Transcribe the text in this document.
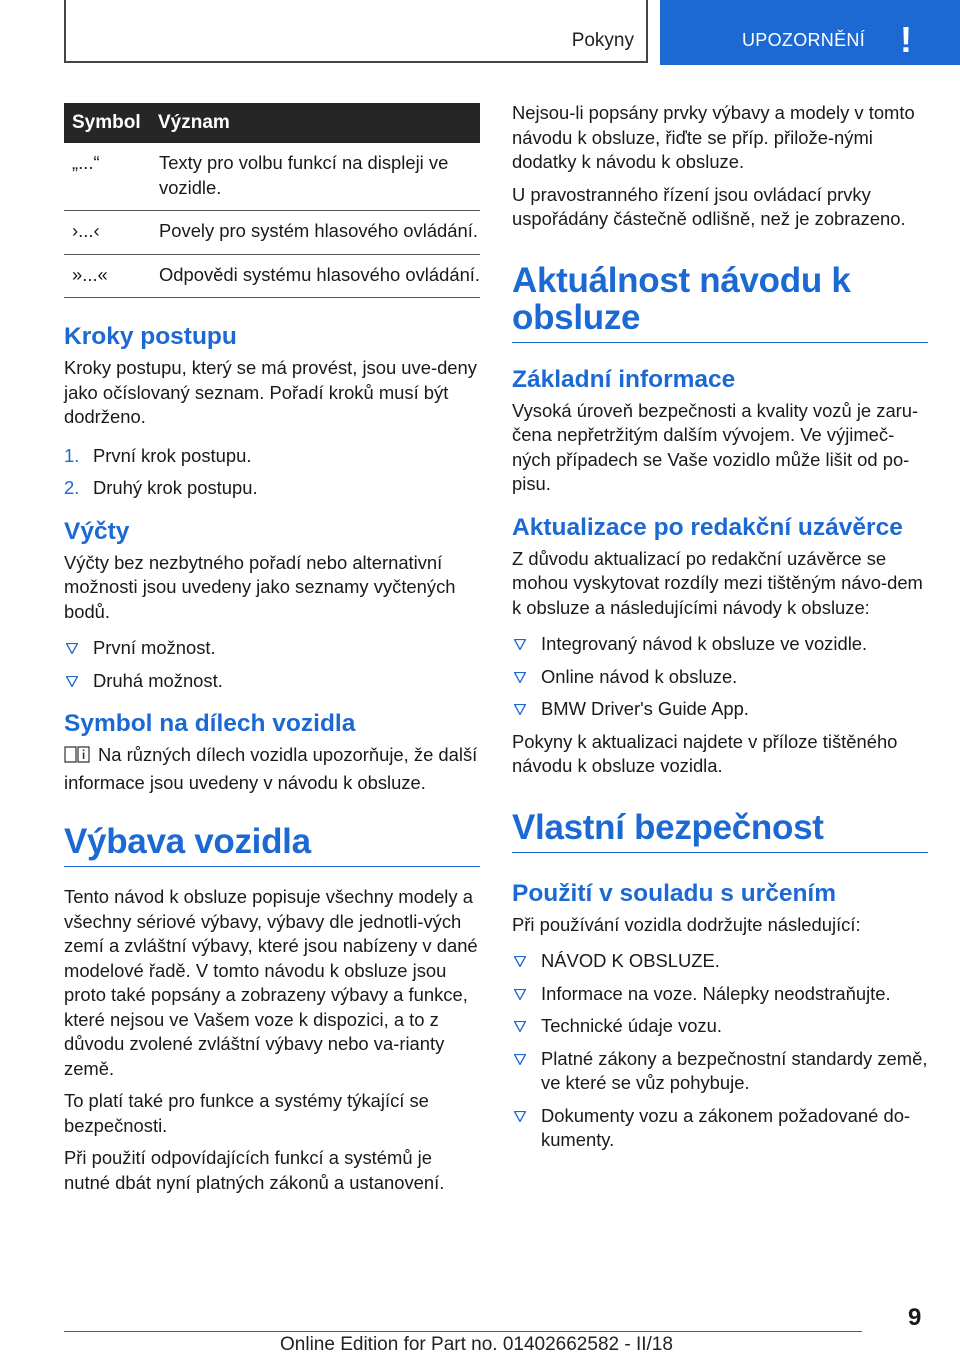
Pokyny	UPOZORNĚNÍ !
Symbol	Význam
„...“	Texty pro volbu funkcí na displeji ve vozidle.
›...‹	Povely pro systém hlasového ovládání.
»...«	Odpovědi systému hlasového ovládání.
Kroky postupu

Kroky postupu, který se má provést, jsou uve-deny jako očíslovaný seznam. Pořadí kroků musí být dodrženo.

1. První krok postupu.
2. Druhý krok postupu.
Výčty

Výčty bez nezbytného pořadí nebo alternativní možnosti jsou uvedeny jako seznamy vyčtených bodů.

První možnost.
Druhá možnost.
Symbol na dílech vozidla

Na různých dílech vozidla upozorňuje, že další informace jsou uvedeny v návodu k obsluze.

Výbava vozidla

Tento návod k obsluze popisuje všechny modely a všechny sériové výbavy, výbavy dle jednotli-vých zemí a zvláštní výbavy, které jsou nabízeny v dané modelové řadě. V tomto návodu k obsluze jsou proto také popsány a zobrazeny výbavy a funkce, které nejsou ve Vašem voze k dispozici, a to z důvodu zvolené zvláštní výbavy nebo va-rianty země.

To platí také pro funkce a systémy týkající se bezpečnosti.

Při použití odpovídajících funkcí a systémů je nutné dbát nyní platných zákonů a ustanovení.

Nejsou-li popsány prvky výbavy a modely v tomto návodu k obsluze, řiďte se příp. přilože-nými dodatky k návodu k obsluze.

U pravostranného řízení jsou ovládací prvky uspořádány částečně odlišně, než je zobrazeno.

Aktuálnost návodu k obsluze
Základní informace

Vysoká úroveň bezpečnosti a kvality vozů je zaru-čena nepřetržitým dalším vývojem. Ve výjimeč-ných případech se Vaše vozidlo může lišit od po-pisu.

Aktualizace po redakční uzávěrce

Z důvodu aktualizací po redakční uzávěrce se mohou vyskytovat rozdíly mezi tištěným návo-dem k obsluze a následujícími návody k obsluze:

Integrovaný návod k obsluze ve vozidle.
Online návod k obsluze.
BMW Driver's Guide App.

Pokyny k aktualizaci najdete v příloze tištěného návodu k obsluze vozidla.

Vlastní bezpečnost
Použití v souladu s určením

Při používání vozidla dodržujte následující:

NÁVOD K OBSLUZE.
Informace na voze. Nálepky neodstraňujte.
Technické údaje vozu.
Platné zákony a bezpečnostní standardy země, ve které se vůz pohybuje.
Dokumenty vozu a zákonem požadované do-kumenty.
9
Online Edition for Part no. 01402662582 - II/18
